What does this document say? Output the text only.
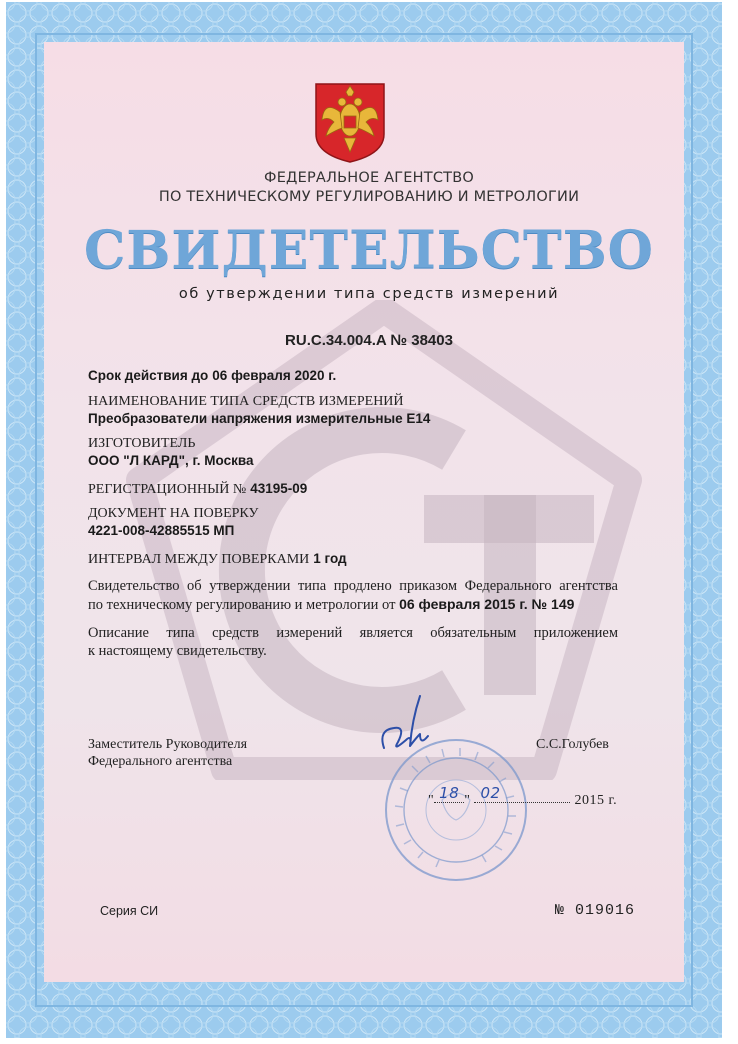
ФЕДЕРАЛЬНОЕ АГЕНТСТВО
ПО ТЕХНИЧЕСКОМУ РЕГУЛИРОВАНИЮ И МЕТРОЛОГИИ
СВИДЕТЕЛЬСТВО
об утверждении типа средств измерений
RU.C.34.004.A № 38403
Срок действия до 06 февраля 2020 г.
НАИМЕНОВАНИЕ ТИПА СРЕДСТВ ИЗМЕРЕНИЙ
Преобразователи напряжения измерительные Е14
ИЗГОТОВИТЕЛЬ
ООО "Л КАРД", г. Москва
РЕГИСТРАЦИОННЫЙ № 43195-09
ДОКУМЕНТ НА ПОВЕРКУ
4221-008-42885515 МП
ИНТЕРВАЛ МЕЖДУ ПОВЕРКАМИ 1 год
Свидетельство об утверждении типа продлено приказом Федерального агентства
по техническому регулированию и метрологии от 06 февраля 2015 г. № 149
Описание типа средств измерений является обязательным приложением
к настоящему свидетельству.
Заместитель Руководителя
Федерального агентства
С.С.Голубев
" 18 " 02	2015 г.
Серия СИ	№ 019016
